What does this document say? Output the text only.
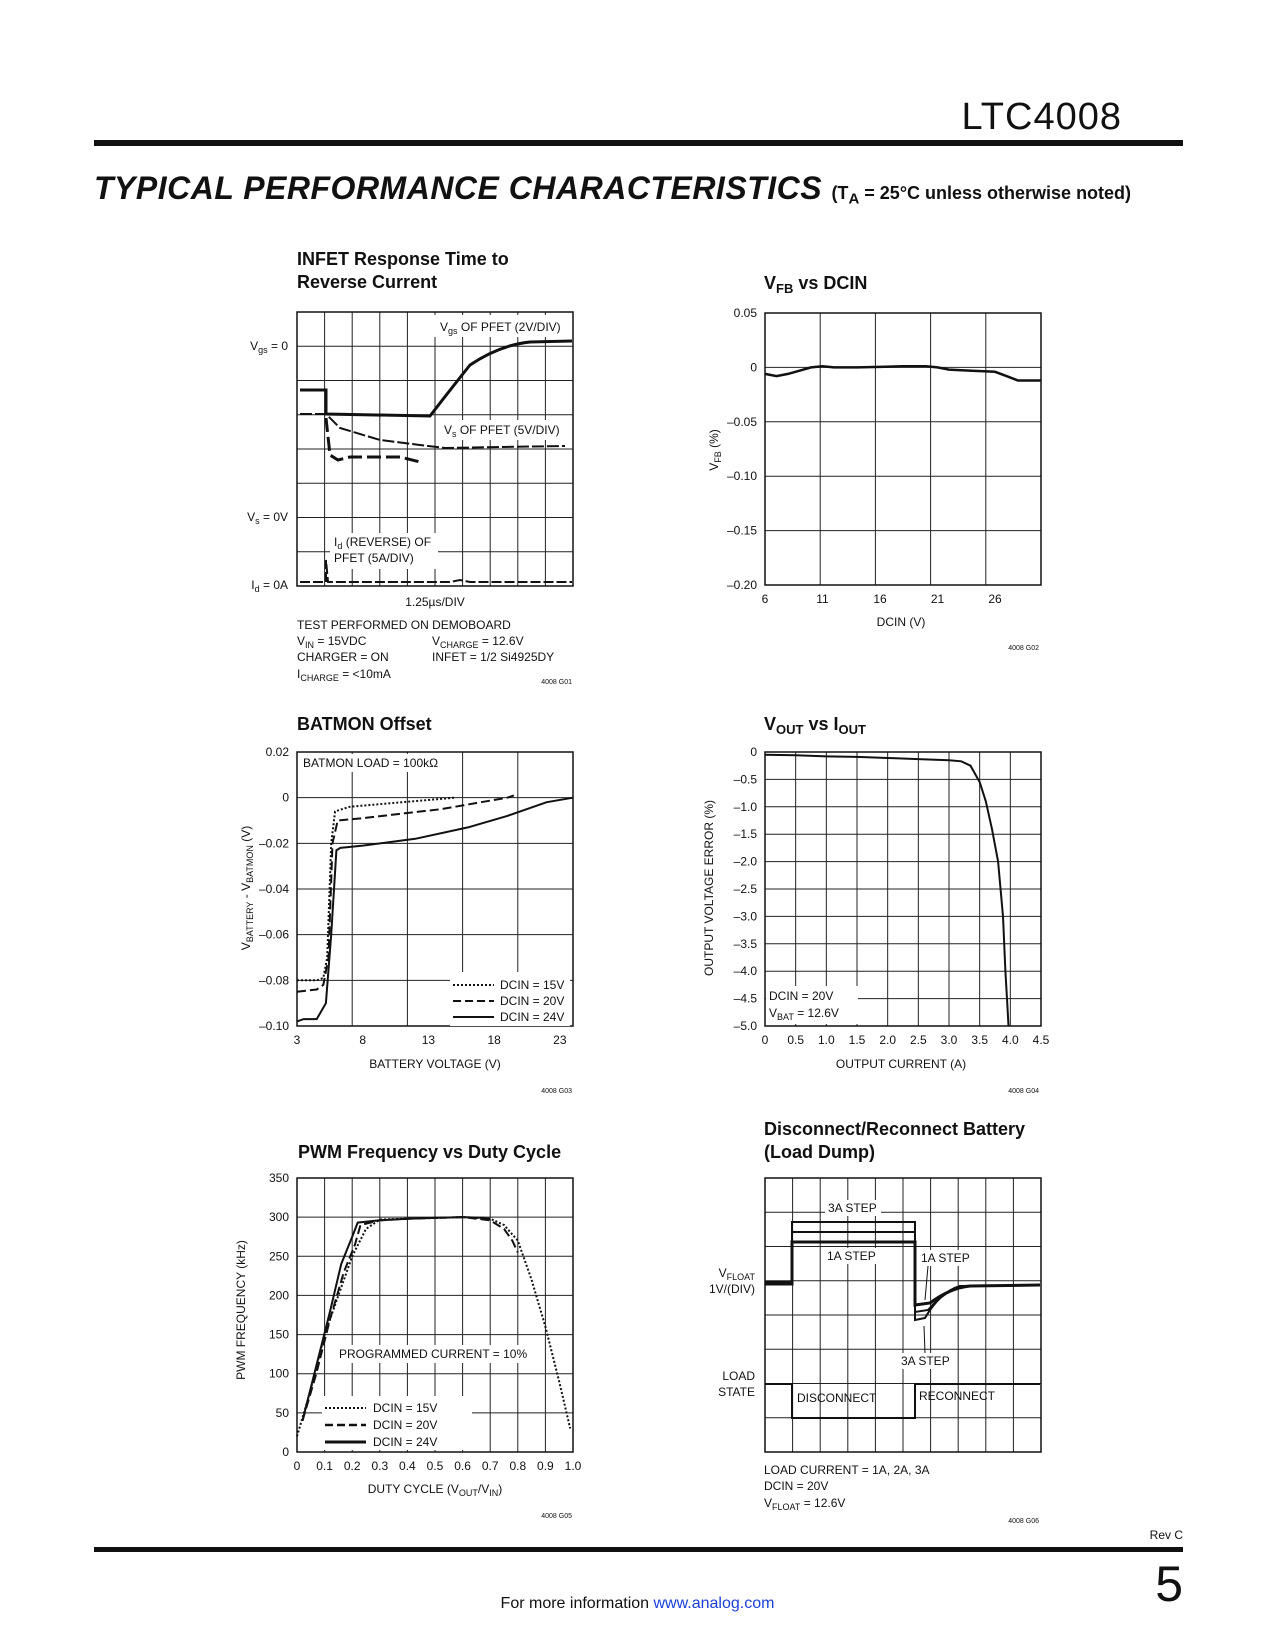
LTC4008
TYPICAL PERFORMANCE CHARACTERISTICS ($T_A = 25^\circ C$ unless otherwise noted)
INFET Response Time to
Reverse Current
$V_{gs} = 0$
$V_s = 0V$
$I_d = 0A$
$V_{gs}$ OF PFET (2V/DIV)
$V_s$ OF PFET (5V/DIV)
$I_d$ (REVERSE) OF
PFET (5A/DIV)
1.25µs/DIV
TEST PERFORMED ON DEMOBOARD
$V_{IN} = 15VDC$	$V_{CHARGE} = 12.6V$
CHARGER = ON	INFET = 1/2 Si4925DY
$I_{CHARGE} = <10mA$
4008 G01
$V_{FB}$ vs DCIN
0.05
0
–0.05
–0.10
–0.15
–0.20
6	11	16	21	26
$V_{FB}$ (%)
DCIN (V)
4008 G02
BATMON Offset
0.02
0
–0.02
–0.04
–0.06
–0.08
–0.10
3	8	13	18	23
$V_{BATTERY} - V_{BATMON}$ (V)
BATTERY VOLTAGE (V)
BATMON LOAD = 100kΩ
DCIN = 15V
DCIN = 20V
DCIN = 24V
4008 G03
$V_{OUT}$ vs $I_{OUT}$
0
–0.5
–1.0
–1.5
–2.0
–2.5
–3.0
–3.5
–4.0
–4.5
–5.0
0 0.5 1.0 1.5 2.0 2.5 3.0 3.5 4.0 4.5
OUTPUT VOLTAGE ERROR (%)
OUTPUT CURRENT (A)
DCIN = 20V
$V_{BAT} = 12.6V$
4008 G04
PWM Frequency vs Duty Cycle
350
300
250
200
150
100
50
0
0 0.1 0.2 0.3 0.4 0.5 0.6 0.7 0.8 0.9 1.0
PWM FREQUENCY (kHz)
DUTY CYCLE $(V_{OUT}/V_{IN})$
PROGRAMMED CURRENT = 10%
DCIN = 15V
DCIN = 20V
DCIN = 24V
4008 G05
Disconnect/Reconnect Battery
(Load Dump)
$V_{FLOAT}$
1V/(DIV)
LOAD
STATE
3A STEP
1A STEP	1A STEP
3A STEP
DISCONNECT	RECONNECT
LOAD CURRENT = 1A, 2A, 3A
DCIN = 20V
$V_{FLOAT} = 12.6V$
4008 G06
Rev C
5
For more information www.analog.com
